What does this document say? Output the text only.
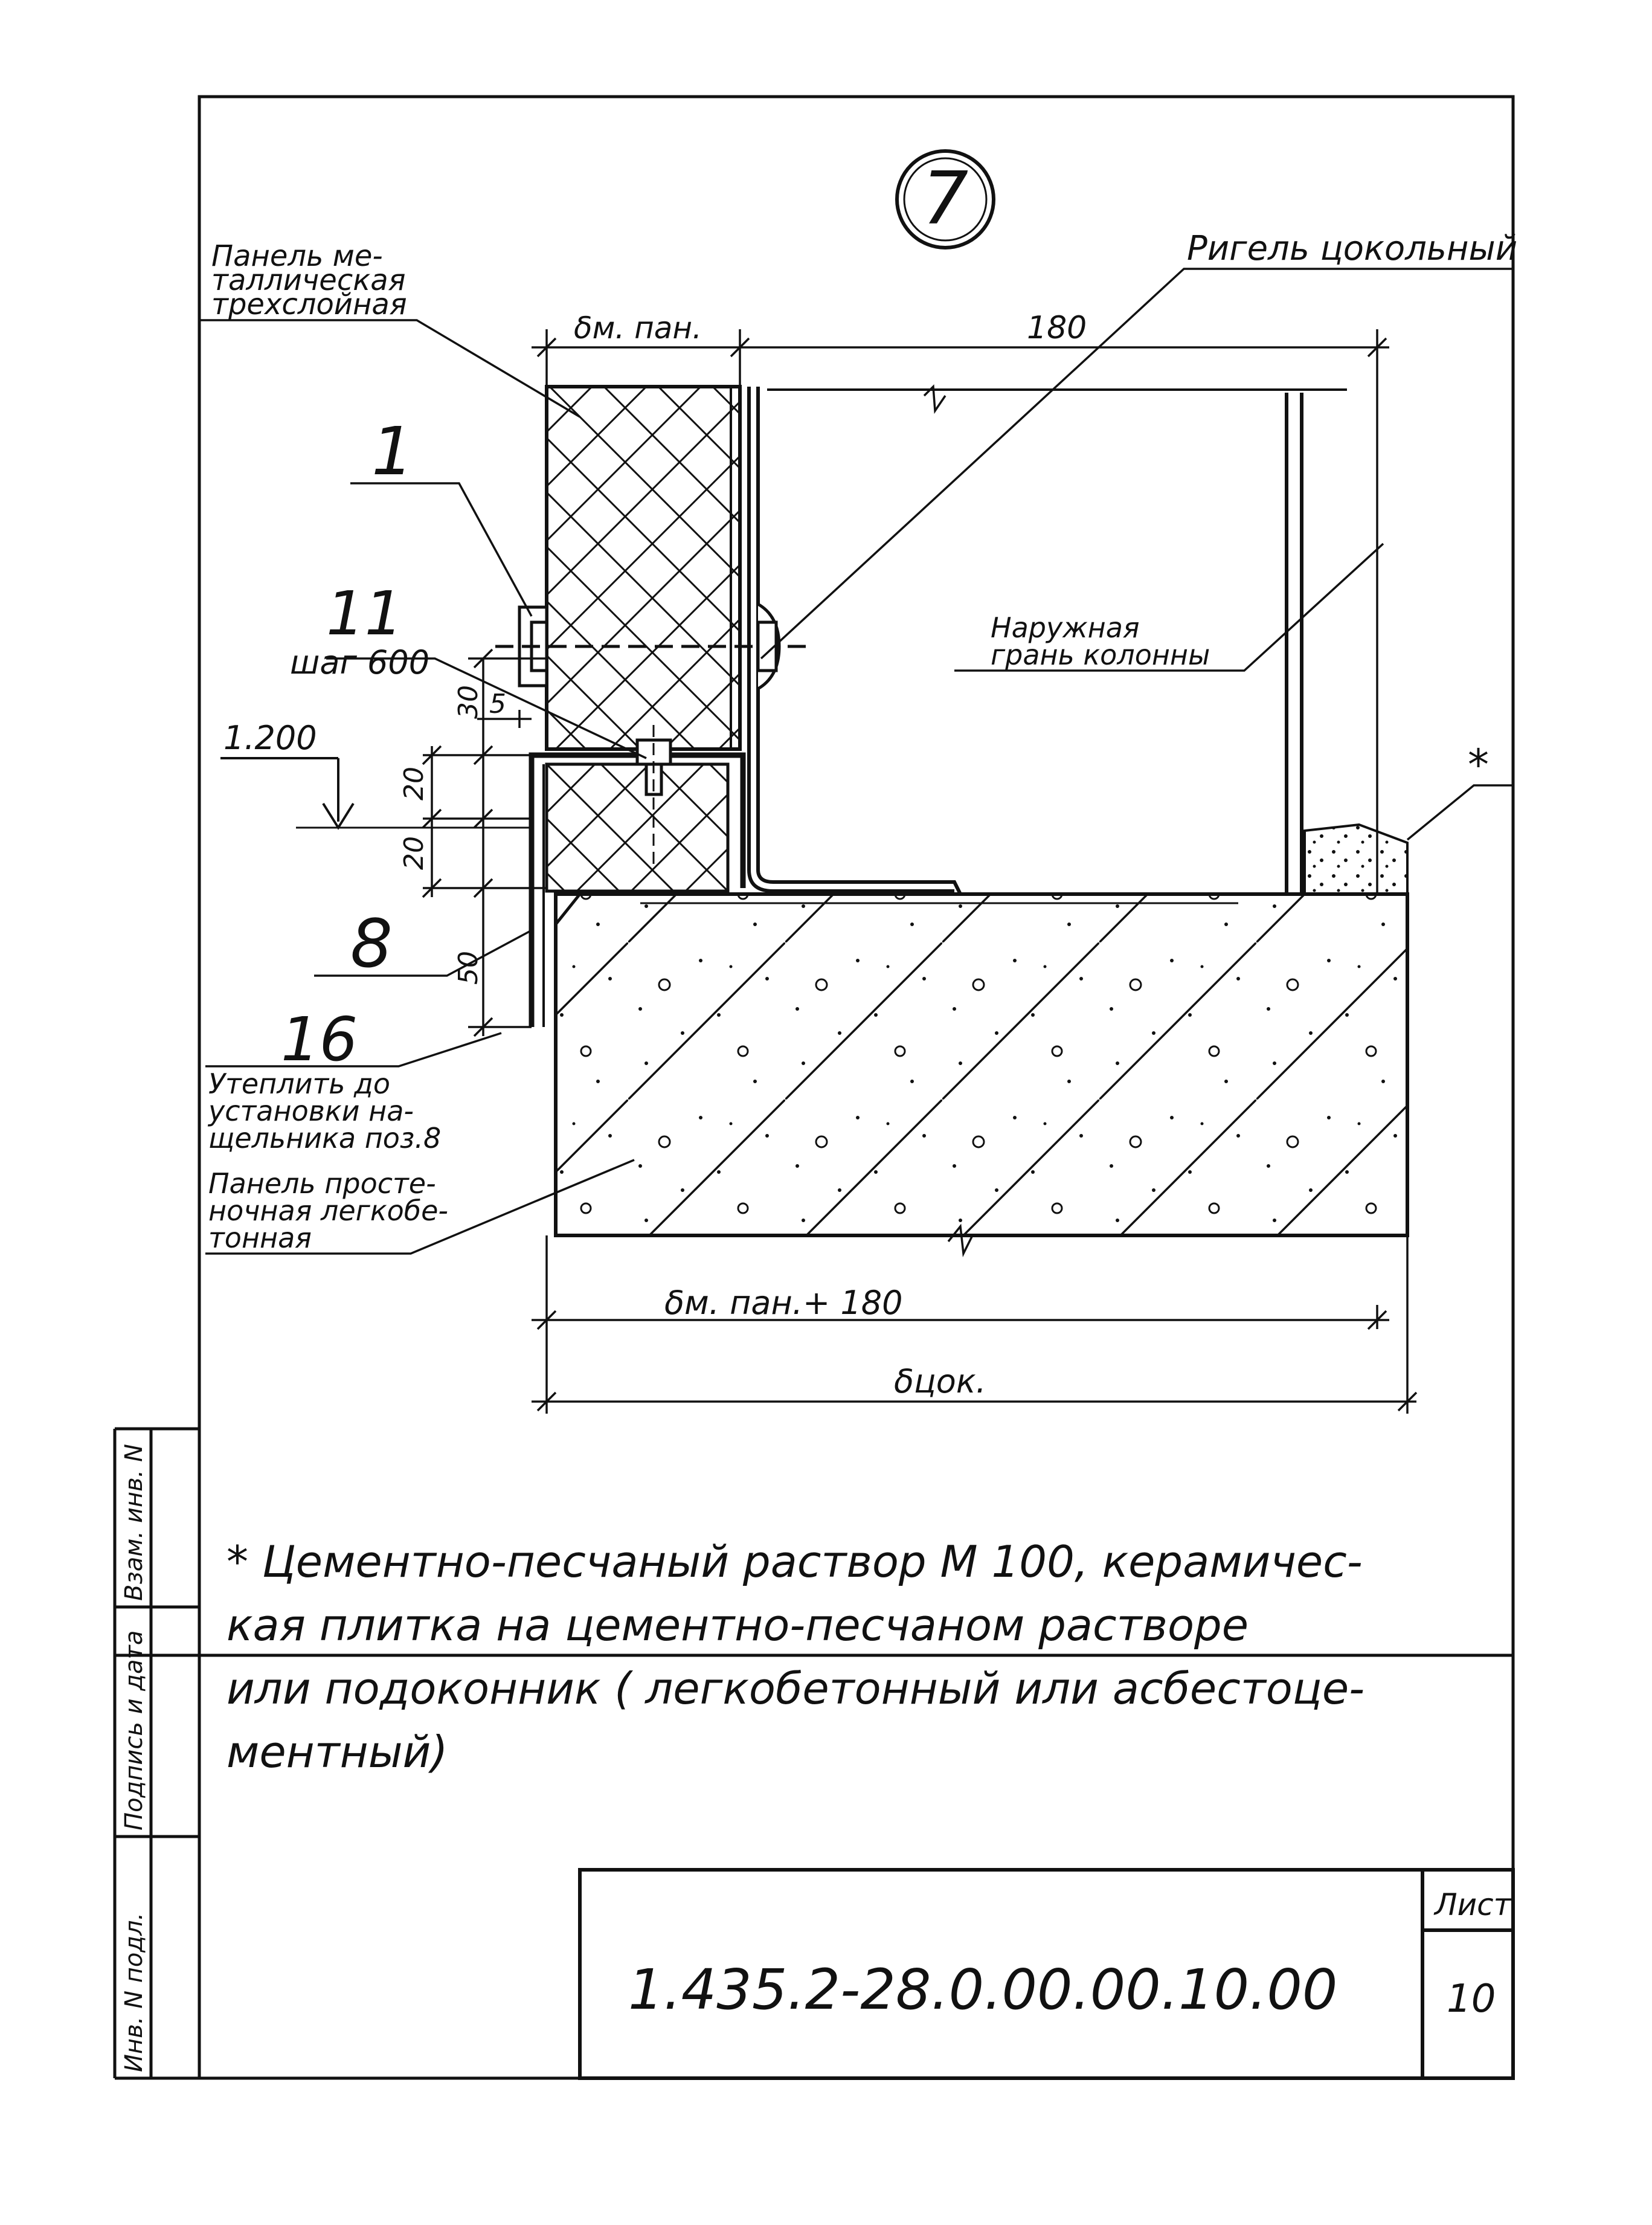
7
Панель ме-
таллическая
трехслойная
Ригель цокольный
Наружная
грань колонны
*
1
11
шаг 600
1.200
8
16
Утеплить до
установки на-
щельника поз.8
Панель просте-
ночная легкобе-
тонная
δм. пан.	180
5
30
20
20
50
δм. пан.+ 180
δцок.
* Цементно-песчаный раствор М 100, керамичес-
кая плитка на цементно-песчаном растворе
или подоконник ( легкобетонный или асбестоце-
ментный)
Инв. N подл.
Подпись и дата
Взам. инв. N
1.435.2-28.0.00.00.10.00
Лист
10
